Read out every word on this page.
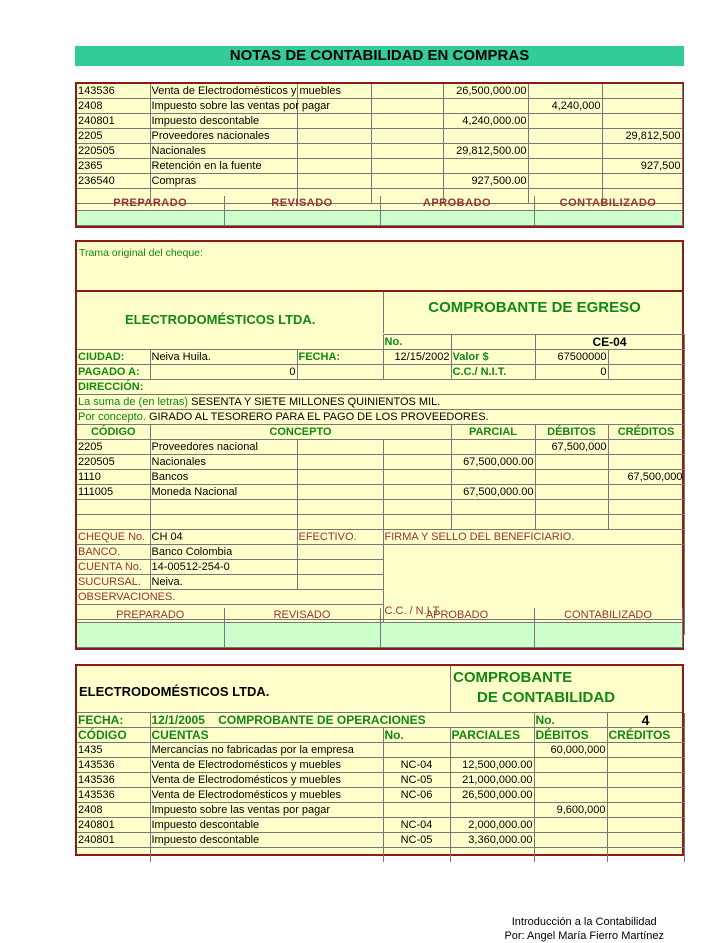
NOTAS DE CONTABILIDAD EN COMPRAS
143536	Venta de Electrodomésticos y muebles			26,500,000.00		
2408	Impuesto sobre las ventas por pagar				4,240,000	
240801	Impuesto descontable			4,240,000.00		
2205	Proveedores nacionales					29,812,500
220505	Nacionales			29,812,500.00		
2365	Retención en la fuente					927,500
236540	Compras			927,500.00		

PREPARADO	REVISADO	APROBADO	CONTABILIZADO

Trama original del cheque:
ELECTRODOMÉSTICOS LTDA.
COMPROBANTE DE EGRESO
			No.		CE-04	
CIUDAD:	Neiva Huila.	FECHA:	12/15/2002	Valor $	67500000	
PAGADO A:	0			C.C./ N.I.T.	0	
DIRECCIÓN:						
La suma de (en letras) SESENTA Y SIETE MILLONES QUINIENTOS MIL.						
Por concepto. GIRADO AL TESORERO PARA EL PAGO DE LOS PROVEEDORES.						
CÓDIGO	CONCEPTO			PARCIAL	DÉBITOS	CRÉDITOS
2205	Proveedores nacional				67,500,000	
220505	Nacionales			67,500,000.00		
1110	Bancos					67,500,000
111005	Moneda Nacional			67,500,000.00		

CHEQUE No.	CH 04	EFECTIVO.	FIRMA Y SELLO DEL BENEFICIARIO.
BANCO.	Banco Colombia		
CUENTA No.	14-00512-254-0		
SUCURSAL.	Neiva.		
OBSERVACIONES.			
			C.C. / N.I.T.

PREPARADO	REVISADO	APROBADO	CONTABILIZADO

ELECTRODOMÉSTICOS LTDA.
COMPROBANTE
DE CONTABILIDAD
FECHA:	12/1/2005 COMPROBANTE DE OPERACIONES			No.	4
CÓDIGO	CUENTAS	No.	PARCIALES	DÉBITOS	CRÉDITOS
1435	Mercancías no fabricadas por la empresa			60,000,000	
143536	Venta de Electrodomésticos y muebles	NC-04	12,500,000.00		
143536	Venta de Electrodomésticos y muebles	NC-05	21,000,000.00		
143536	Venta de Electrodomésticos y muebles	NC-06	26,500,000.00		
2408	Impuesto sobre las ventas por pagar			9,600,000	
240801	Impuesto descontable	NC-04	2,000,000.00		
240801	Impuesto descontable	NC-05	3,360,000.00		

Introducción a la Contabilidad
Por: Angel María Fierro Martínez
